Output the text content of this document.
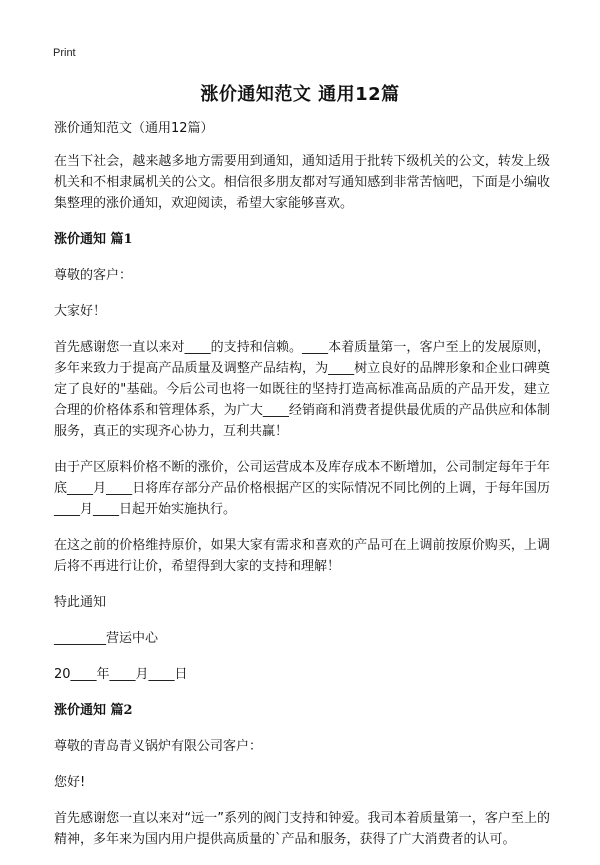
Print
涨价通知范文 通用12篇

涨价通知范文（通用12篇）

在当下社会，越来越多地方需要用到通知，通知适用于批转下级机关的公文，转发上级机关和不相隶属机关的公文。相信很多朋友都对写通知感到非常苦恼吧，下面是小编收集整理的涨价通知，欢迎阅读，希望大家能够喜欢。

涨价通知 篇1

尊敬的客户：

大家好！

首先感谢您一直以来对____的支持和信赖。____本着质量第一，客户至上的发展原则，多年来致力于提高产品质量及调整产品结构，为____树立良好的品牌形象和企业口碑奠定了良好的"基础。今后公司也将一如既往的坚持打造高标准高品质的产品开发，建立合理的价格体系和管理体系，为广大____经销商和消费者提供最优质的产品供应和体制服务，真正的实现齐心协力，互利共赢！

由于产区原料价格不断的涨价，公司运营成本及库存成本不断增加，公司制定每年于年底____月____日将库存部分产品价格根据产区的实际情况不同比例的上调，于每年国历____月____日起开始实施执行。

在这之前的价格维持原价，如果大家有需求和喜欢的产品可在上调前按原价购买，上调后将不再进行让价，希望得到大家的支持和理解！

特此通知

________营运中心

20____年____月____日

涨价通知 篇2

尊敬的青岛青义锅炉有限公司客户：

您好!

首先感谢您一直以来对“远一”系列的阀门支持和钟爱。我司本着质量第一，客户至上的精神，多年来为国内用户提供高质量的`产品和服务，获得了广大消费者的认可。
